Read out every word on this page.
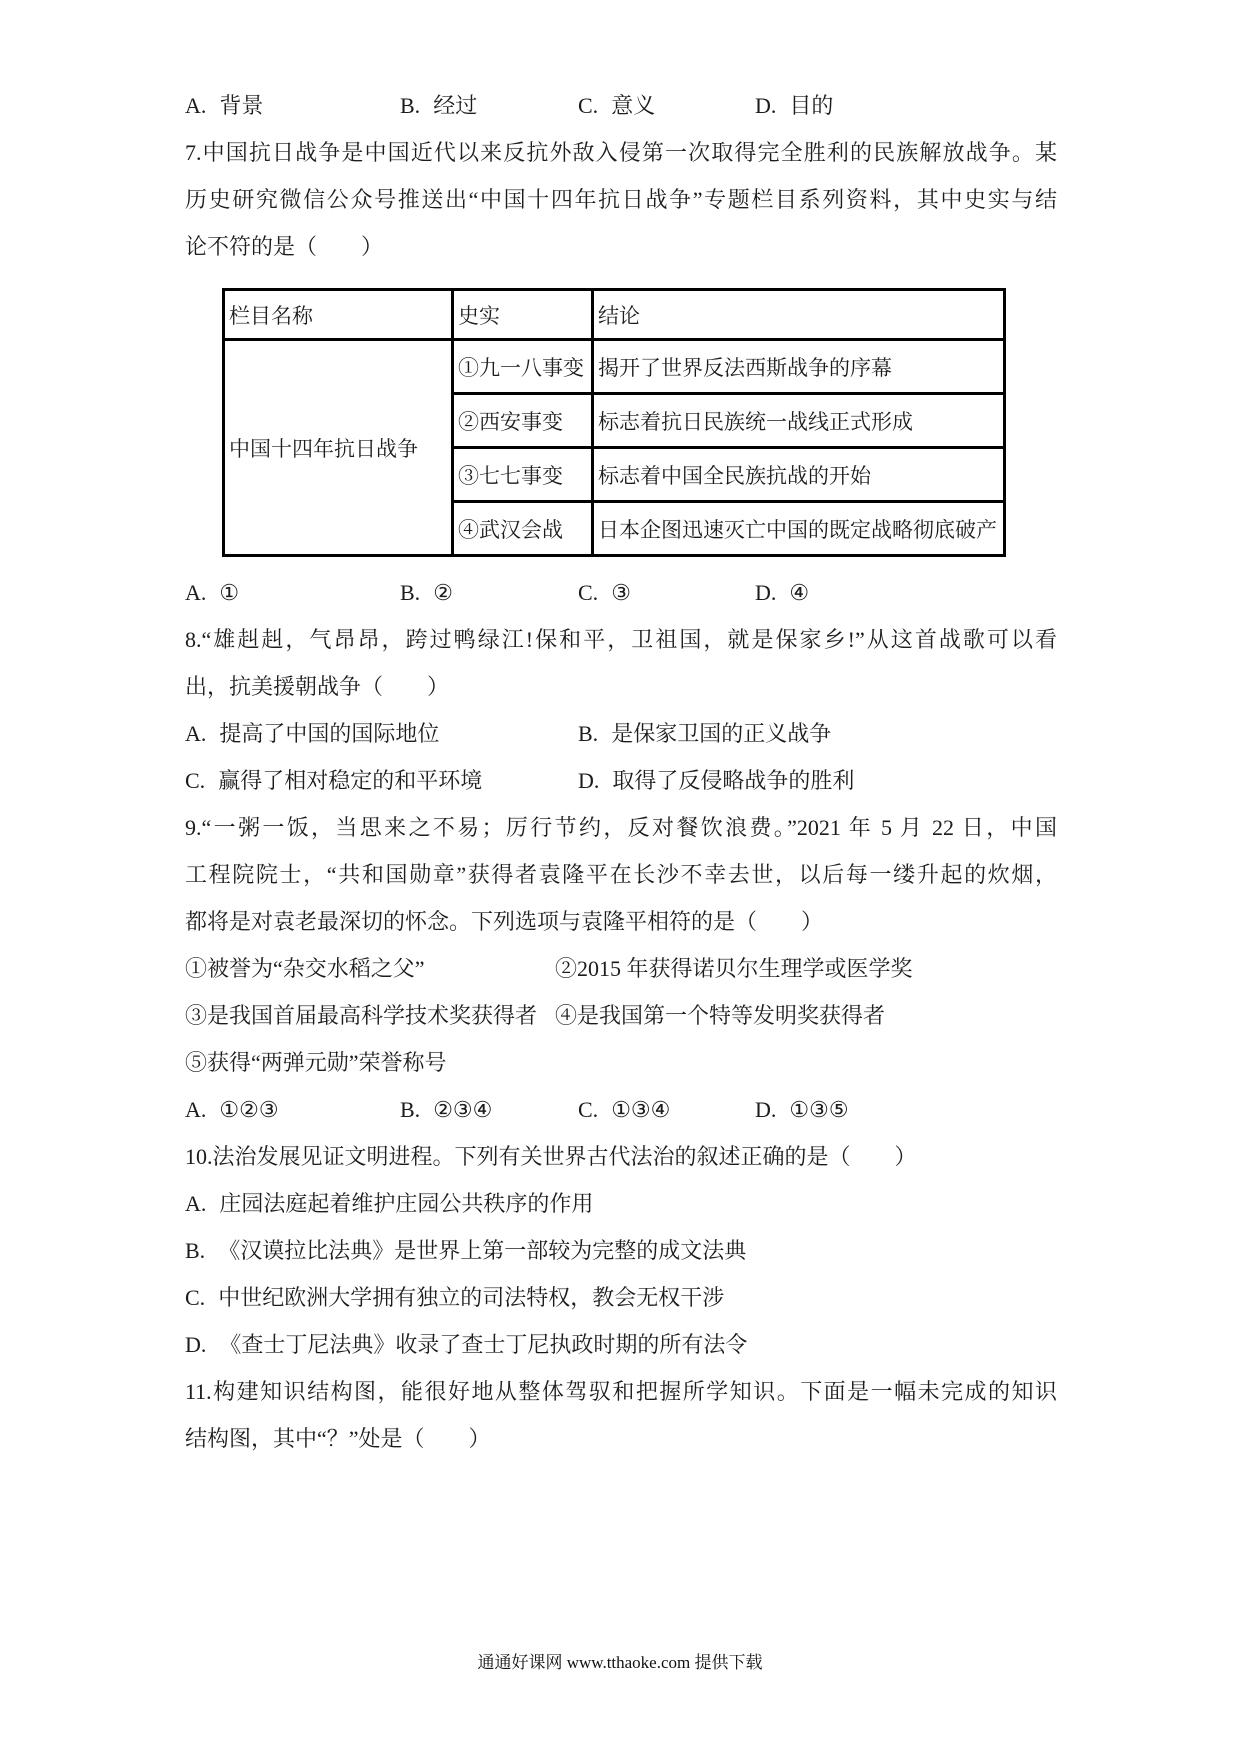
A. 背景	B. 经过	C. 意义	D. 目的
7.中国抗日战争是中国近代以来反抗外敌入侵第一次取得完全胜利的民族解放战争。某
历史研究微信公众号推送出“中国十四年抗日战争”专题栏目系列资料，其中史实与结
论不符的是（　　）
栏目名称	史实	结论
中国十四年抗日战争	①九一八事变	揭开了世界反法西斯战争的序幕
	②西安事变	标志着抗日民族统一战线正式形成
	③七七事变	标志着中国全民族抗战的开始
	④武汉会战	日本企图迅速灭亡中国的既定战略彻底破产
A. ①	B. ②	C. ③	D. ④
8.“雄赳赳，气昂昂，跨过鸭绿江!保和平，卫祖国，就是保家乡!”从这首战歌可以看
出，抗美援朝战争（　　）
A. 提高了中国的国际地位	B. 是保家卫国的正义战争
C. 赢得了相对稳定的和平环境	D. 取得了反侵略战争的胜利
9.“一粥一饭，当思来之不易；厉行节约，反对餐饮浪费。”2021 年 5 月 22 日，中国
工程院院士，“共和国勋章”获得者袁隆平在长沙不幸去世，以后每一缕升起的炊烟，
都将是对袁老最深切的怀念。下列选项与袁隆平相符的是（　　）
①被誉为“杂交水稻之父”	②2015 年获得诺贝尔生理学或医学奖
③是我国首届最高科学技术奖获得者 ④是我国第一个特等发明奖获得者
⑤获得“两弹元勋”荣誉称号
A. ①②③	B. ②③④	C. ①③④	D. ①③⑤
10.法治发展见证文明进程。下列有关世界古代法治的叙述正确的是（　　）
A. 庄园法庭起着维护庄园公共秩序的作用
B. 《汉谟拉比法典》是世界上第一部较为完整的成文法典
C. 中世纪欧洲大学拥有独立的司法特权，教会无权干涉
D. 《查士丁尼法典》收录了查士丁尼执政时期的所有法令
11.构建知识结构图，能很好地从整体驾驭和把握所学知识。下面是一幅未完成的知识
结构图，其中“？”处是（　　）
通通好课网 www.tthaoke.com 提供下载
